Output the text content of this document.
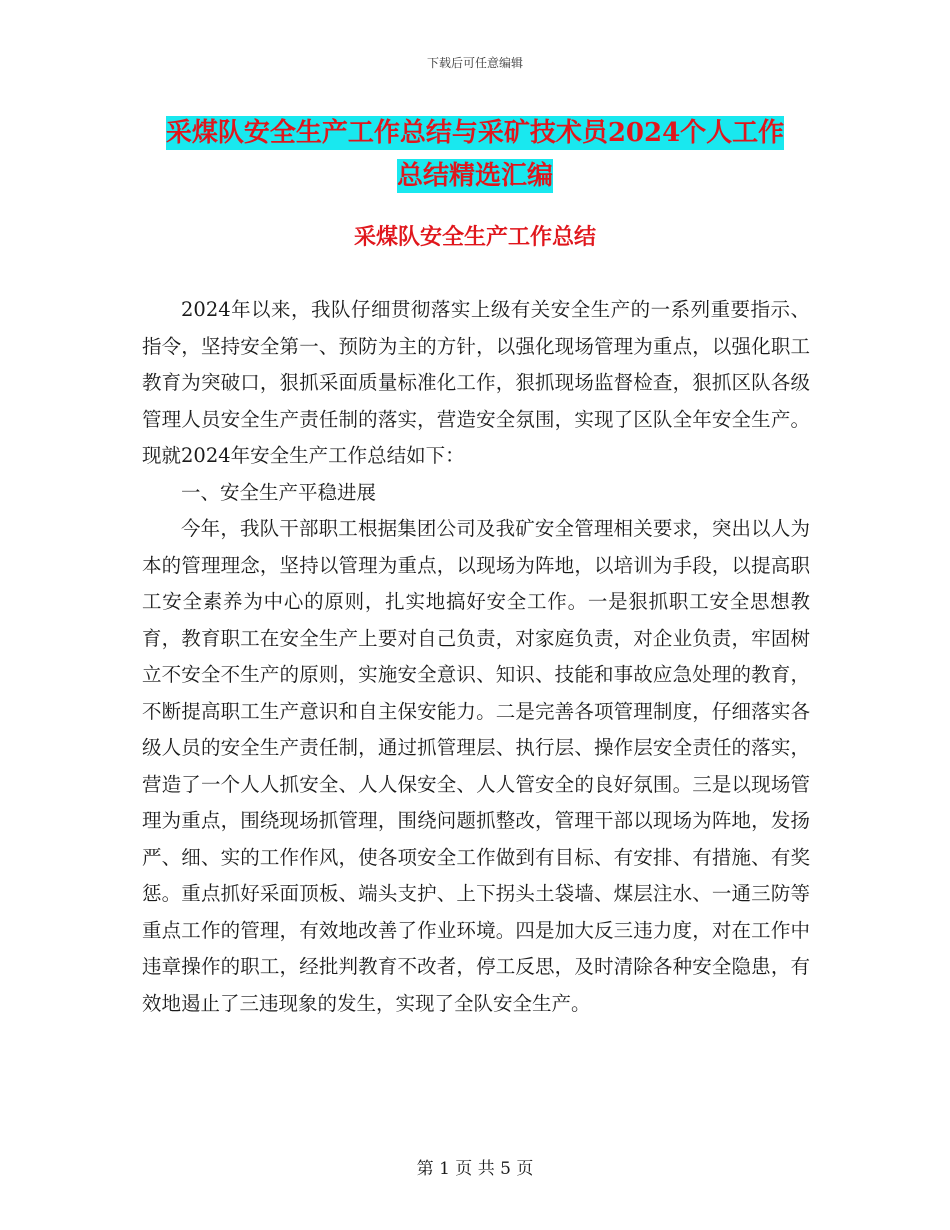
下载后可任意编辑
采煤队安全生产工作总结与采矿技术员2024个人工作
总结精选汇编
采煤队安全生产工作总结

2024年以来，我队仔细贯彻落实上级有关安全生产的一系列重要指示、指令，坚持安全第一、预防为主的方针，以强化现场管理为重点，以强化职工教育为突破口，狠抓采面质量标准化工作，狠抓现场监督检查，狠抓区队各级管理人员安全生产责任制的落实，营造安全氛围，实现了区队全年安全生产。现就2024年安全生产工作总结如下：

一、安全生产平稳进展

今年，我队干部职工根据集团公司及我矿安全管理相关要求，突出以人为本的管理理念，坚持以管理为重点，以现场为阵地，以培训为手段，以提高职工安全素养为中心的原则，扎实地搞好安全工作。一是狠抓职工安全思想教育，教育职工在安全生产上要对自己负责，对家庭负责，对企业负责，牢固树立不安全不生产的原则，实施安全意识、知识、技能和事故应急处理的教育，不断提高职工生产意识和自主保安能力。二是完善各项管理制度，仔细落实各级人员的安全生产责任制，通过抓管理层、执行层、操作层安全责任的落实，营造了一个人人抓安全、人人保安全、人人管安全的良好氛围。三是以现场管理为重点，围绕现场抓管理，围绕问题抓整改，管理干部以现场为阵地，发扬严、细、实的工作作风，使各项安全工作做到有目标、有安排、有措施、有奖惩。重点抓好采面顶板、端头支护、上下拐头土袋墙、煤层注水、一通三防等重点工作的管理，有效地改善了作业环境。四是加大反三违力度，对在工作中违章操作的职工，经批判教育不改者，停工反思，及时清除各种安全隐患，有效地遏止了三违现象的发生，实现了全队安全生产。

第 1 页 共 5 页
